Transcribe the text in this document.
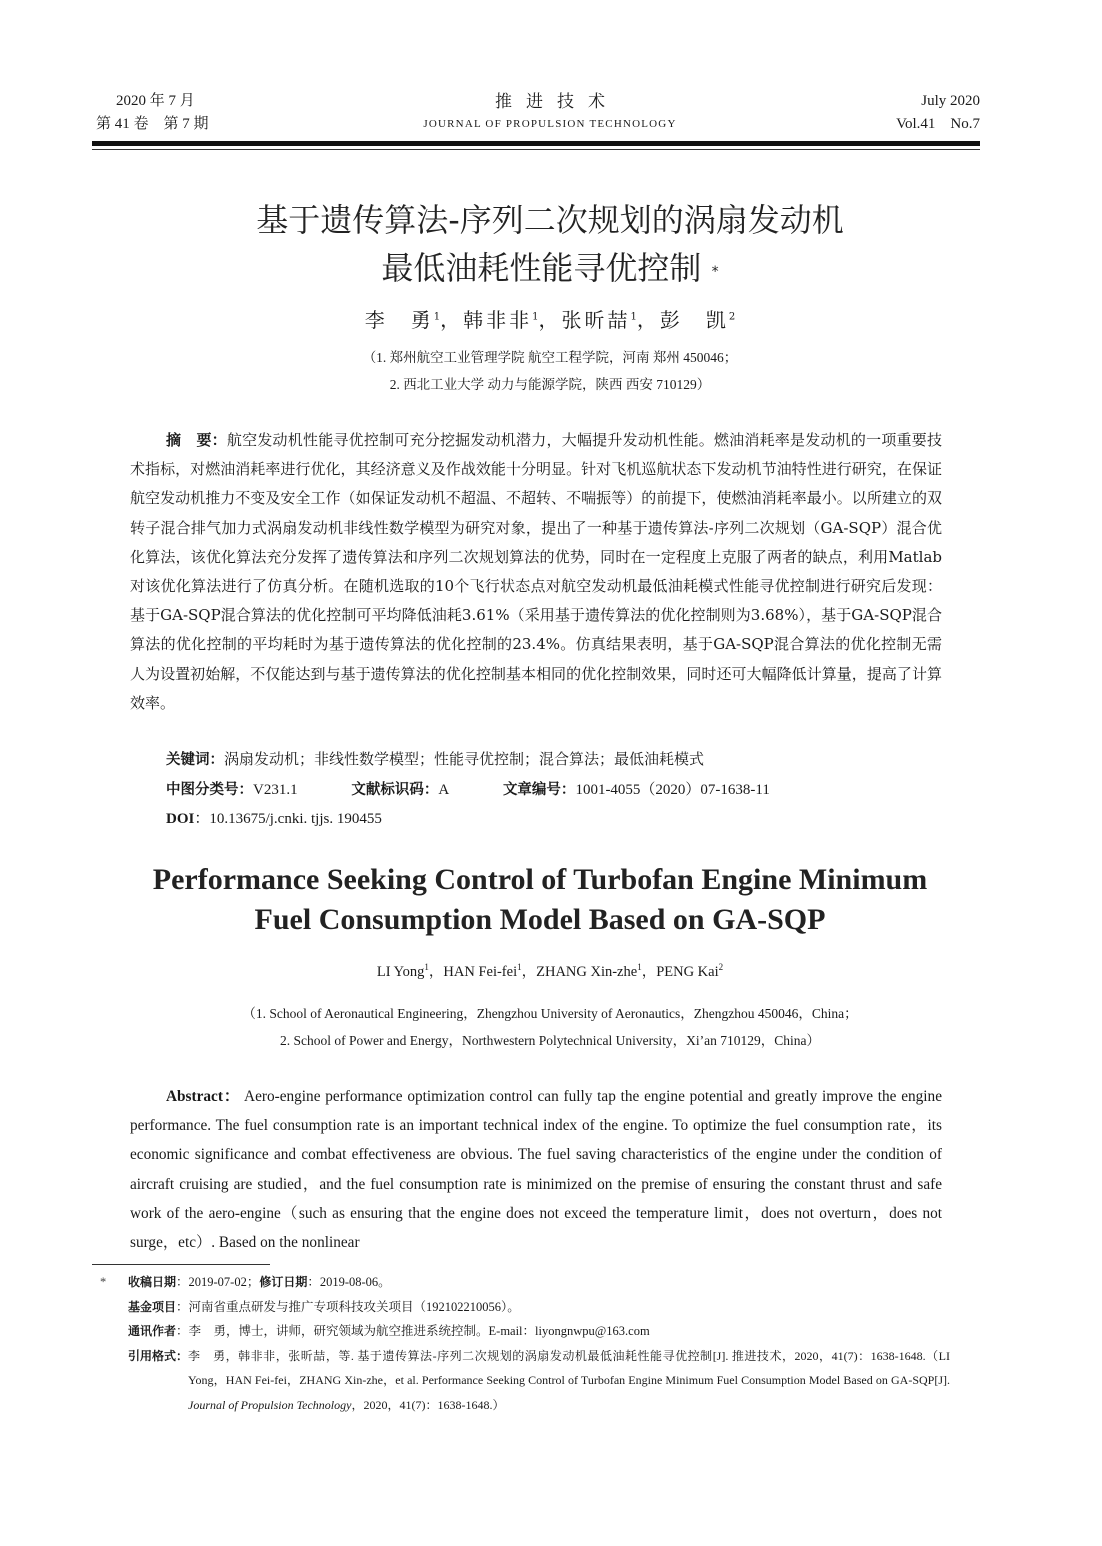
2020 年 7 月
第 41 卷　第 7 期
推进技术
JOURNAL OF PROPULSION TECHNOLOGY
July 2020
Vol.41　No.7
基于遗传算法-序列二次规划的涡扇发动机
最低油耗性能寻优控制 *
李　勇$^1$，韩非非$^1$，张昕喆$^1$，彭　凯$^2$
（1. 郑州航空工业管理学院 航空工程学院，河南 郑州 450046；
2. 西北工业大学 动力与能源学院，陕西 西安 710129）

摘　要：航空发动机性能寻优控制可充分挖掘发动机潜力，大幅提升发动机性能。燃油消耗率是发动机的一项重要技术指标，对燃油消耗率进行优化，其经济意义及作战效能十分明显。针对飞机巡航状态下发动机节油特性进行研究，在保证航空发动机推力不变及安全工作（如保证发动机不超温、不超转、不喘振等）的前提下，使燃油消耗率最小。以所建立的双转子混合排气加力式涡扇发动机非线性数学模型为研究对象，提出了一种基于遗传算法-序列二次规划（GA-SQP）混合优化算法，该优化算法充分发挥了遗传算法和序列二次规划算法的优势，同时在一定程度上克服了两者的缺点，利用Matlab对该优化算法进行了仿真分析。在随机选取的10个飞行状态点对航空发动机最低油耗模式性能寻优控制进行研究后发现：基于GA-SQP混合算法的优化控制可平均降低油耗3.61%（采用基于遗传算法的优化控制则为3.68%），基于GA-SQP混合算法的优化控制的平均耗时为基于遗传算法的优化控制的23.4%。仿真结果表明，基于GA-SQP混合算法的优化控制无需人为设置初始解，不仅能达到与基于遗传算法的优化控制基本相同的优化控制效果，同时还可大幅降低计算量，提高了计算效率。

关键词：涡扇发动机；非线性数学模型；性能寻优控制；混合算法；最低油耗模式
中图分类号：V231.1	文献标识码：A	文章编号：1001-4055（2020）07-1638-11
DOI：10.13675/j.cnki. tjjs. 190455
Performance Seeking Control of Turbofan Engine Minimum
Fuel Consumption Model Based on GA-SQP
LI Yong$^1$，HAN Fei-fei$^1$，ZHANG Xin-zhe$^1$，PENG Kai$^2$
（1. School of Aeronautical Engineering，Zhengzhou University of Aeronautics，Zhengzhou 450046，China；
2. School of Power and Energy，Northwestern Polytechnical University，Xi’an 710129，China）

Abstract： Aero-engine performance optimization control can fully tap the engine potential and greatly improve the engine performance. The fuel consumption rate is an important technical index of the engine. To optimize the fuel consumption rate，its economic significance and combat effectiveness are obvious. The fuel saving characteristics of the engine under the condition of aircraft cruising are studied，and the fuel consumption rate is minimized on the premise of ensuring the constant thrust and safe work of the aero-engine（such as ensuring that the engine does not exceed the temperature limit，does not overturn，does not surge，etc）. Based on the nonlinear

*	收稿日期：2019-07-02；修订日期：2019-08-06。
基金项目：河南省重点研发与推广专项科技攻关项目（192102210056）。
通讯作者：李　勇，博士，讲师，研究领域为航空推进系统控制。E-mail：liyongnwpu@163.com
引用格式： 李　勇，韩非非，张昕喆，等. 基于遗传算法-序列二次规划的涡扇发动机最低油耗性能寻优控制[J]. 推进技术，2020，41(7)：1638-1648.（LI Yong，HAN Fei-fei，ZHANG Xin-zhe，et al. Performance Seeking Control of Turbofan Engine Minimum Fuel Consumption Model Based on GA-SQP[J]. Journal of Propulsion Technology，2020，41(7)：1638-1648.）
